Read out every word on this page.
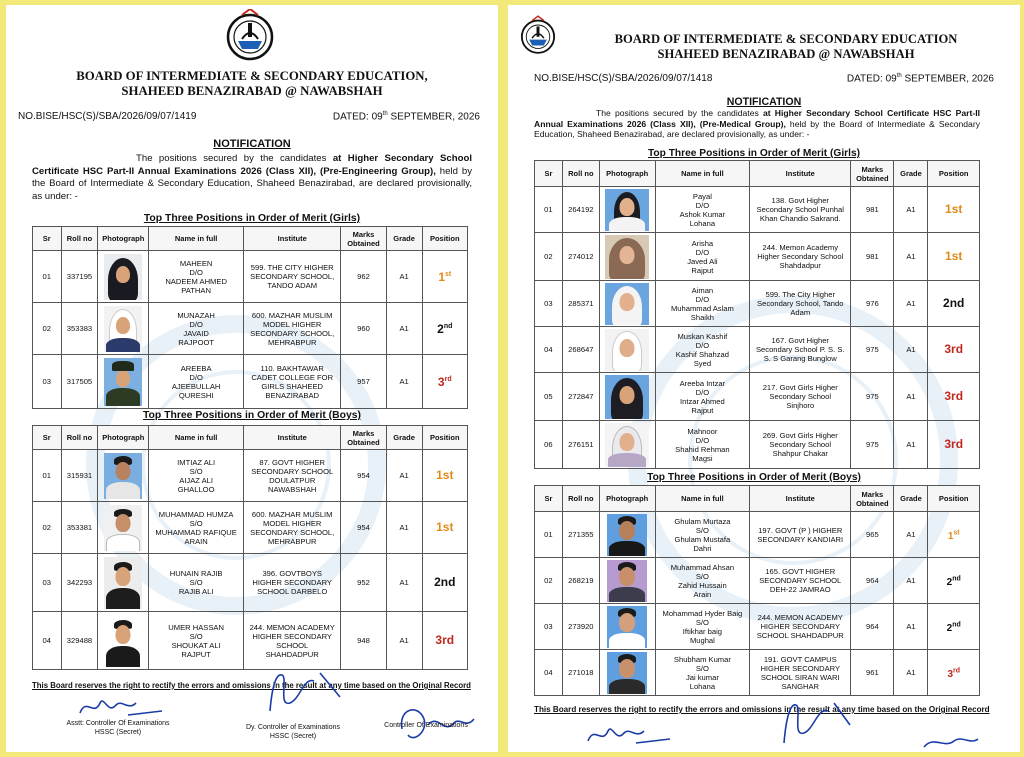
BOARD OF INTERMEDIATE & SECONDARY EDUCATION,
SHAHEED BENAZIRABAD @ NAWABSHAH
NO.BISE/HSC(S)/SBA/2026/09/07/1419	DATED: 09th SEPTEMBER, 2026
NOTIFICATION
The positions secured by the candidates at Higher Secondary School Certificate HSC Part-II Annual Examinations 2026 (Class XII), (Pre-Engineering Group), held by the Board of Intermediate & Secondary Education, Shaheed Benazirabad, are declared provisionally, as under: -
Top Three Positions in Order of Merit (Girls)
Sr	Roll no	Photograph	Name in full	Institute	Marks
Obtained	Grade	Position
01	337195		MAHEEN
D/O
NADEEM AHMED
PATHAN	599. THE CITY HIGHER
SECONDARY SCHOOL,
TANDO ADAM	962	A1	1st
02	353383		MUNAZAH
D/O
JAVAID
RAJPOOT	600. MAZHAR MUSLIM
MODEL HIGHER
SECONDARY SCHOOL,
MEHRABPUR	960	A1	2nd
03	317505		AREEBA
D/O
AJEEBULLAH
QURESHI	110. BAKHTAWAR
CADET COLLEGE FOR
GIRLS SHAHEED
BENAZIRABAD	957	A1	3rd
Top Three Positions in Order of Merit (Boys)
Sr	Roll no	Photograph	Name in full	Institute	Marks
Obtained	Grade	Position
01	315931		IMTIAZ ALI
S/O
AIJAZ ALI
GHALLOO	87. GOVT HIGHER
SECONDARY SCHOOL
DOULATPUR
NAWABSHAH	954	A1	1st
02	353381		MUHAMMAD HUMZA
S/O
MUHAMMAD RAFIQUE
ARAIN	600. MAZHAR MUSLIM
MODEL HIGHER
SECONDARY SCHOOL,
MEHRABPUR	954	A1	1st
03	342293		HUNAIN RAJIB
S/O
RAJIB ALI	396. GOVTBOYS
HIGHER SECONDARY
SCHOOL DARBELO	952	A1	2nd
04	329488		UMER HASSAN
S/O
SHOUKAT ALI
RAJPUT	244. MEMON ACADEMY
HIGHER SECONDARY
SCHOOL
SHAHDADPUR	948	A1	3rd
This Board reserves the right to rectify the errors and omissions in the result at any time based on the Original Record
Asstt: Controller Of Examinations
HSSC (Secret)
Dy. Controller of Examinations
HSSC (Secret)
Controller Of Examinations
BOARD OF INTERMEDIATE & SECONDARY EDUCATION
SHAHEED BENAZIRABAD @ NAWABSHAH
NO.BISE/HSC(S)/SBA/2026/09/07/1418	DATED: 09th SEPTEMBER, 2026
NOTIFICATION
The positions secured by the candidates at Higher Secondary School Certificate HSC Part-II Annual Examinations 2026 (Class XII), (Pre-Medical Group), held by the Board of Intermediate & Secondary Education, Shaheed Benazirabad, are declared provisionally, as under: -
Top Three Positions in Order of Merit (Girls)
Sr	Roll no	Photograph	Name in full	Institute	Marks
Obtained	Grade	Position
01	264192		Payal
D/O
Ashok Kumar
Lohana	138. Govt Higher
Secondary School Punhal
Khan Chandio Sakrand.	981	A1	1st
02	274012		Arisha
D/O
Javed Ali
Rajput	244. Memon Academy
Higher Secondary School
Shahdadpur	981	A1	1st
03	285371		Aiman
D/O
Muhammad Aslam
Shaikh	599. The City Higher
Secondary School, Tando
Adam	976	A1	2nd
04	268647		Muskan Kashif
D/O
Kashif Shahzad
Syed	167. Govt Higher
Secondary School P. S. S.
S. S Garang Bunglow	975	A1	3rd
05	272847		Areeba Intzar
D/O
Intzar Ahmed
Rajput	217. Govt Girls Higher
Secondary School
Sinjhoro	975	A1	3rd
06	276151		Mahnoor
D/O
Shahid Rehman
Magsi	269. Govt Girls Higher
Secondary School
Shahpur Chakar	975	A1	3rd
Top Three Positions in Order of Merit (Boys)
Sr	Roll no	Photograph	Name in full	Institute	Marks
Obtained	Grade	Position
01	271355		Ghulam Murtaza
S/O
Ghulam Mustafa
Dahri	197. GOVT (P ) HIGHER
SECONDARY KANDIARI	965	A1	1st
02	268219		Muhammad Ahsan
S/O
Zahid Hussain
Arain	165. GOVT HIGHER
SECONDARY SCHOOL
DEH-22 JAMRAO	964	A1	2nd
03	273920		Mohammad Hyder Baig
S/O
Iftikhar baig
Mughal	244. MEMON ACADEMY
HIGHER SECONDARY
SCHOOL SHAHDADPUR	964	A1	2nd
04	271018		Shubham Kumar
S/O
Jai kumar
Lohana	191. GOVT CAMPUS
HIGHER SECONDARY
SCHOOL SIRAN WARI
SANGHAR	961	A1	3rd
This Board reserves the right to rectify the errors and omissions in the result at any time based on the Original Record
